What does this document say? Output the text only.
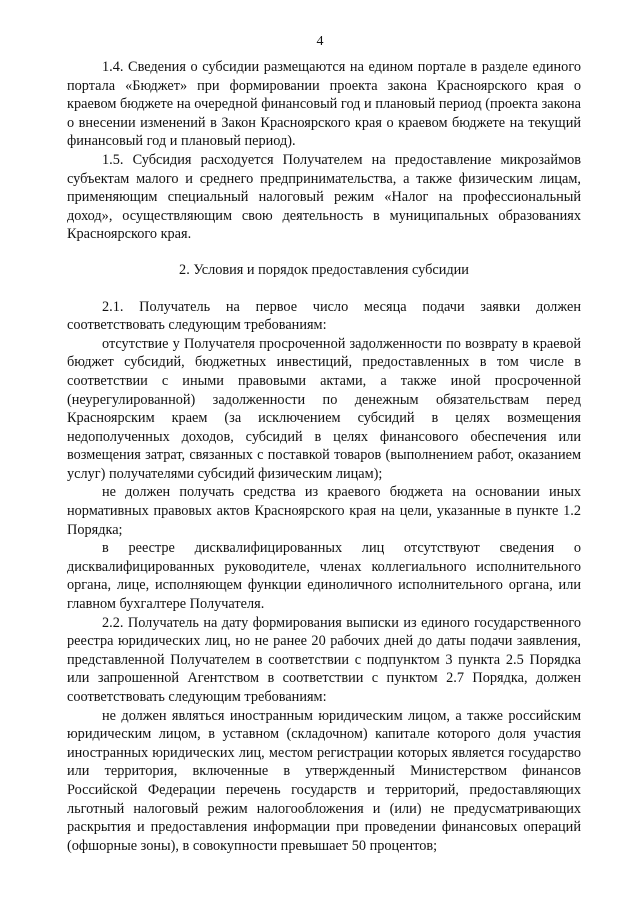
4

1.4. Сведения о субсидии размещаются на едином портале в разделе единого портала «Бюджет» при формировании проекта закона Красноярского края о краевом бюджете на очередной финансовый год и плановый период (проекта закона о внесении изменений в Закон Красноярского края о краевом бюджете на текущий финансовый год и плановый период).

1.5. Субсидия расходуется Получателем на предоставление микрозаймов субъектам малого и среднего предпринимательства, а также физическим лицам, применяющим специальный налоговый режим «Налог на профессиональный доход», осуществляющим свою деятельность в муниципальных образованиях Красноярского края.

2. Условия и порядок предоставления субсидии

2.1. Получатель на первое число месяца подачи заявки должен соответствовать следующим требованиям:

отсутствие у Получателя просроченной задолженности по возврату в краевой бюджет субсидий, бюджетных инвестиций, предоставленных в том числе в соответствии с иными правовыми актами, а также иной просроченной (неурегулированной) задолженности по денежным обязательствам перед Красноярским краем (за исключением субсидий в целях возмещения недополученных доходов, субсидий в целях финансового обеспечения или возмещения затрат, связанных с поставкой товаров (выполнением работ, оказанием услуг) получателями субсидий физическим лицам);

не должен получать средства из краевого бюджета на основании иных нормативных правовых актов Красноярского края на цели, указанные в пункте 1.2 Порядка;

в реестре дисквалифицированных лиц отсутствуют сведения о дисквалифицированных руководителе, членах коллегиального исполнительного органа, лице, исполняющем функции единоличного исполнительного органа, или главном бухгалтере Получателя.

2.2. Получатель на дату формирования выписки из единого государственного реестра юридических лиц, но не ранее 20 рабочих дней до даты подачи заявления, представленной Получателем в соответствии с подпунктом 3 пункта 2.5 Порядка или запрошенной Агентством в соответствии с пунктом 2.7 Порядка, должен соответствовать следующим требованиям:

не должен являться иностранным юридическим лицом, а также российским юридическим лицом, в уставном (складочном) капитале которого доля участия иностранных юридических лиц, местом регистрации которых является государство или территория, включенные в утвержденный Министерством финансов Российской Федерации перечень государств и территорий, предоставляющих льготный налоговый режим налогообложения и (или) не предусматривающих раскрытия и предоставления информации при проведении финансовых операций (офшорные зоны), в совокупности превышает 50 процентов;
